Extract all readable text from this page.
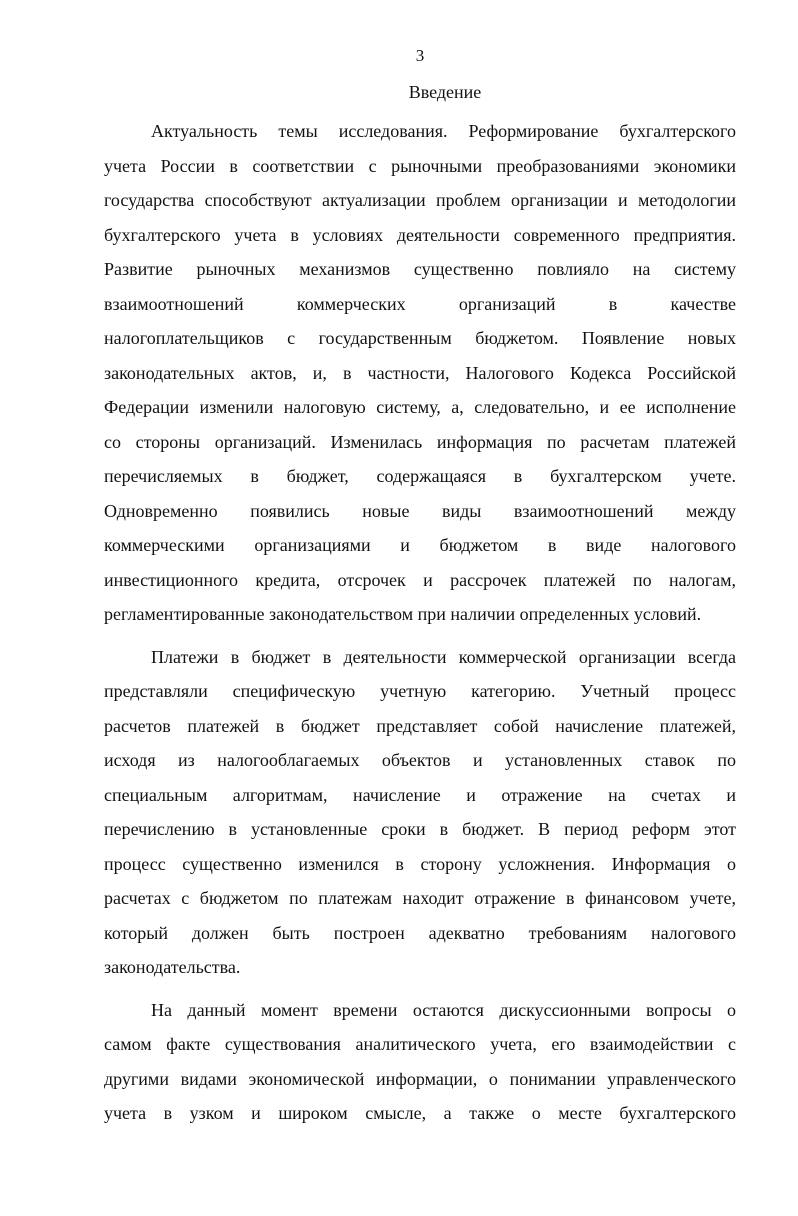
3
Введение

Актуальность темы исследования. Реформирование бухгалтерского
учета России в соответствии с рыночными преобразованиями экономики
государства способствуют актуализации проблем организации и методологии
бухгалтерского учета в условиях деятельности современного предприятия.
Развитие рыночных механизмов существенно повлияло на систему
взаимоотношений коммерческих организаций в качестве
налогоплательщиков с государственным бюджетом. Появление новых
законодательных актов, и, в частности, Налогового Кодекса Российской
Федерации изменили налоговую систему, а, следовательно, и ее исполнение
со стороны организаций. Изменилась информация по расчетам платежей
перечисляемых в бюджет, содержащаяся в бухгалтерском учете.
Одновременно появились новые виды взаимоотношений между
коммерческими организациями и бюджетом в виде налогового
инвестиционного кредита, отсрочек и рассрочек платежей по налогам,
регламентированные законодательством при наличии определенных условий.

Платежи в бюджет в деятельности коммерческой организации всегда
представляли специфическую учетную категорию. Учетный процесс
расчетов платежей в бюджет представляет собой начисление платежей,
исходя из налогооблагаемых объектов и установленных ставок по
специальным алгоритмам, начисление и отражение на счетах и
перечислению в установленные сроки в бюджет. В период реформ этот
процесс существенно изменился в сторону усложнения. Информация о
расчетах с бюджетом по платежам находит отражение в финансовом учете,
который должен быть построен адекватно требованиям налогового
законодательства.

На данный момент времени остаются дискуссионными вопросы о
самом факте существования аналитического учета, его взаимодействии с
другими видами экономической информации, о понимании управленческого
учета в узком и широком смысле, а также о месте бухгалтерского
